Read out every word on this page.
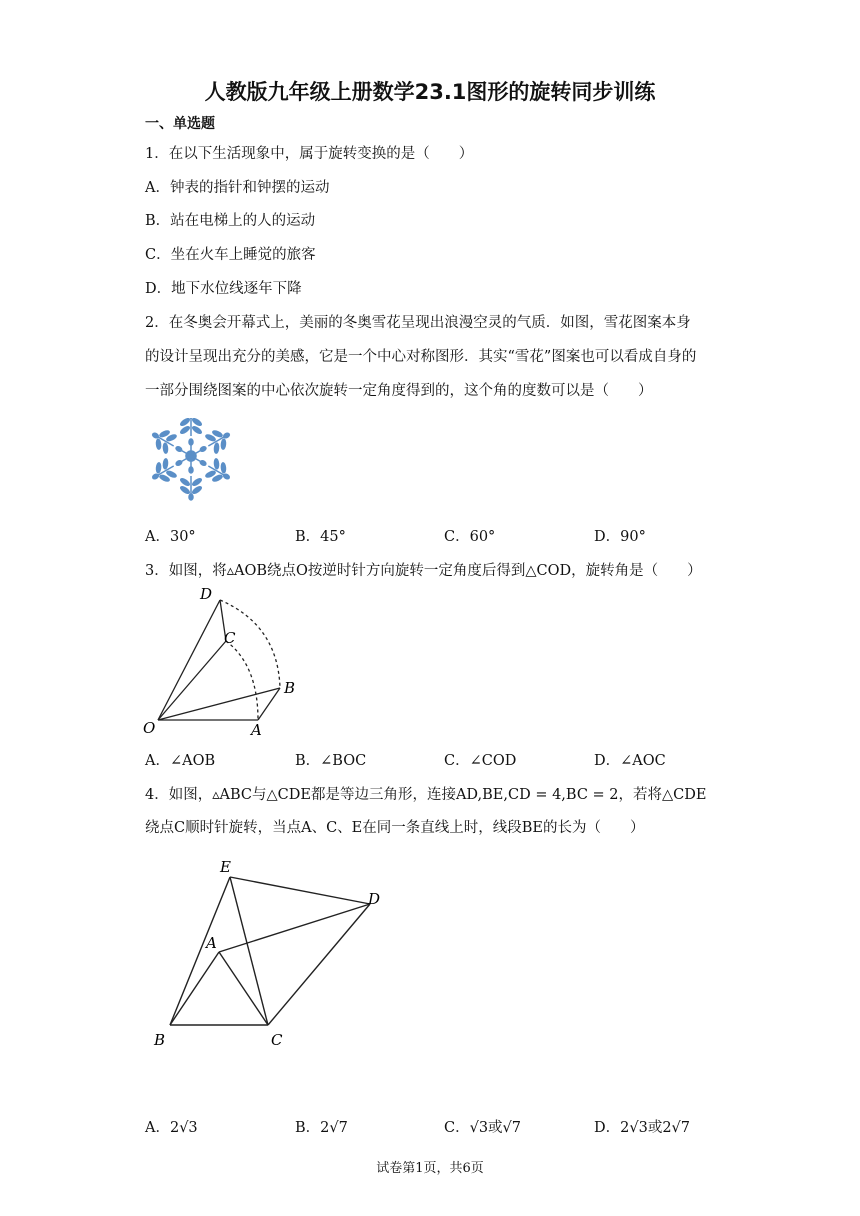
人教版九年级上册数学23.1图形的旋转同步训练
一、单选题
1．在以下生活现象中，属于旋转变换的是（　　）
A．钟表的指针和钟摆的运动
B．站在电梯上的人的运动
C．坐在火车上睡觉的旅客
D．地下水位线逐年下降
2．在冬奥会开幕式上，美丽的冬奥雪花呈现出浪漫空灵的气质．如图，雪花图案本身
的设计呈现出充分的美感，它是一个中心对称图形．其实“雪花”图案也可以看成自身的
一部分围绕图案的中心依次旋转一定角度得到的，这个角的度数可以是（　　）
A．30°	B．45°	C．60°	D．90°
3．如图，将▵AOB绕点O按逆时针方向旋转一定角度后得到△COD，旋转角是（　　）
D
C
B
O	A
A．∠AOB	B．∠BOC	C．∠COD	D．∠AOC
4．如图，▵ABC与△CDE都是等边三角形，连接AD,BE,CD = 4,BC = 2，若将△CDE
绕点C顺时针旋转，当点A、C、E在同一条直线上时，线段BE的长为（　　）
E
D
A
B	C
A．2√3	B．2√7	C．√3或√7	D．2√3或2√7
试卷第1页，共6页
